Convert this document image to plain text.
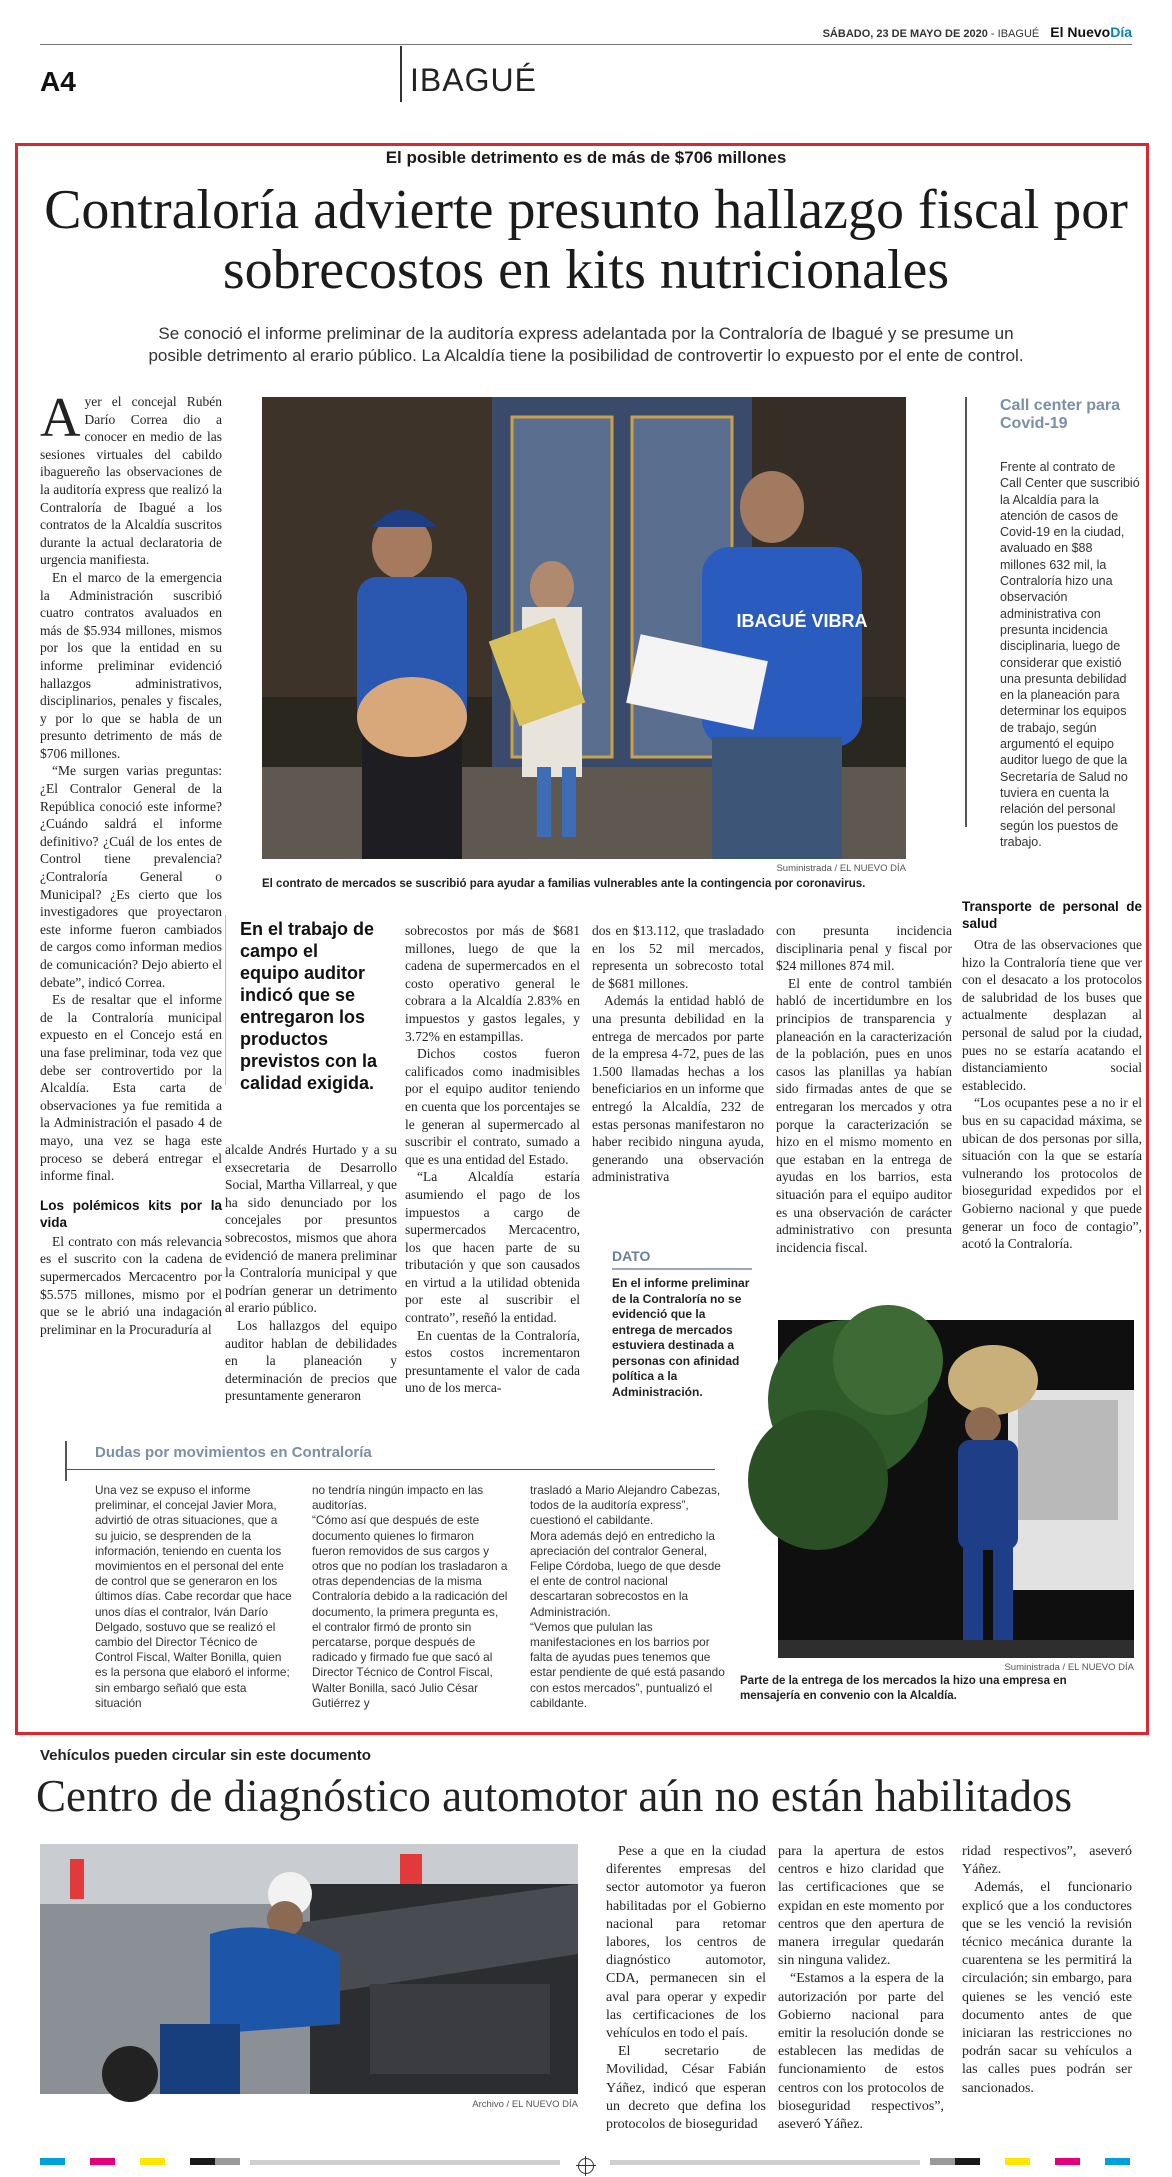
SÁBADO, 23 DE MAYO DE 2020 - IBAGUÉ El NuevoDía
A4	IBAGUÉ
El posible detrimento es de más de $706 millones
Contraloría advierte presunto hallazgo fiscal por sobrecostos en kits nutricionales
Se conoció el informe preliminar de la auditoría express adelantada por la Contraloría de Ibagué y se presume un posible detrimento al erario público. La Alcaldía tiene la posibilidad de controvertir lo expuesto por el ente de control.
A yer el concejal Rubén Darío Correa dio a conocer en medio de las sesiones virtuales del cabildo ibaguereño las observaciones de la auditoría express que realizó la Contraloría de Ibagué a los contratos de la Alcaldía suscritos durante la actual declaratoria de urgencia manifiesta.

En el marco de la emergencia la Administración suscribió cuatro contratos avaluados en más de $5.934 millones, mismos por los que la entidad en su informe preliminar evidenció hallazgos administrativos, disciplinarios, penales y fiscales, y por lo que se habla de un presunto detrimento de más de $706 millones.

“Me surgen varias preguntas: ¿El Contralor General de la República conoció este informe? ¿Cuándo saldrá el informe definitivo? ¿Cuál de los entes de Control tiene prevalencia? ¿Contraloría General o Municipal? ¿Es cierto que los investigadores que proyectaron este informe fueron cambiados de cargos como informan medios de comunicación? Dejo abierto el debate”, indicó Correa.

Es de resaltar que el informe de la Contraloría municipal expuesto en el Concejo está en una fase preliminar, toda vez que debe ser controvertido por la Alcaldía. Esta carta de observaciones ya fue remitida a la Administración el pasado 4 de mayo, una vez se haga este proceso se deberá entregar el informe final.

Los polémicos kits por la vida

El contrato con más relevancia es el suscrito con la cadena de supermercados Mercacentro por $5.575 millones, mismo por el que se le abrió una indagación preliminar en la Procuraduría al

IBAGUÉ VIBRA
Suministrada / EL NUEVO DÍA
El contrato de mercados se suscribió para ayudar a familias vulnerables ante la contingencia por coronavirus.
Call center para Covid-19
Frente al contrato de Call Center que suscribió la Alcaldía para la atención de casos de Covid-19 en la ciudad, avaluado en $88 millones 632 mil, la Contraloría hizo una observación administrativa con presunta incidencia disciplinaria, luego de considerar que existió una presunta debilidad en la planeación para determinar los equipos de trabajo, según argumentó el equipo auditor luego de que la Secretaría de Salud no tuviera en cuenta la relación del personal según los puestos de trabajo.
En el trabajo de campo el equipo auditor indicó que se entregaron los productos previstos con la calidad exigida.

alcalde Andrés Hurtado y a su exsecretaria de Desarrollo Social, Martha Villarreal, y que ha sido denunciado por los concejales por presuntos sobrecostos, mismos que ahora evidenció de manera preliminar la Contraloría municipal y que podrían generar un detrimento al erario público.

Los hallazgos del equipo auditor hablan de debilidades en la planeación y determinación de precios que presuntamente generaron

sobrecostos por más de $681 millones, luego de que la cadena de supermercados en el costo operativo general le cobrara a la Alcaldía 2.83% en impuestos y gastos legales, y 3.72% en estampillas.

Dichos costos fueron calificados como inadmisibles por el equipo auditor teniendo en cuenta que los porcentajes se le generan al supermercado al suscribir el contrato, sumado a que es una entidad del Estado.

“La Alcaldía estaría asumiendo el pago de los impuestos a cargo de supermercados Mercacentro, los que hacen parte de su tributación y que son causados en virtud a la utilidad obtenida por este al suscribir el contrato”, reseñó la entidad.

En cuentas de la Contraloría, estos costos incrementaron presuntamente el valor de cada uno de los merca-

dos en $13.112, que trasladado en los 52 mil mercados, representa un sobrecosto total de $681 millones.

Además la entidad habló de una presunta debilidad en la entrega de mercados por parte de la empresa 4-72, pues de las 1.500 llamadas hechas a los beneficiarios en un informe que entregó la Alcaldía, 232 de estas personas manifestaron no haber recibido ninguna ayuda, generando una observación administrativa

DATO
En el informe preliminar de la Contraloría no se evidenció que la entrega de mercados estuviera destinada a personas con afinidad política a la Administración.

con presunta incidencia disciplinaria penal y fiscal por $24 millones 874 mil.

El ente de control también habló de incertidumbre en los principios de transparencia y planeación en la caracterización de la población, pues en unos casos las planillas ya habían sido firmadas antes de que se entregaran los mercados y otra porque la caracterización se hizo en el mismo momento en que estaban en la entrega de ayudas en los barrios, esta situación para el equipo auditor es una observación de carácter administrativo con presunta incidencia fiscal.

Transporte de personal de salud

Otra de las observaciones que hizo la Contraloría tiene que ver con el desacato a los protocolos de salubridad de los buses que actualmente desplazan al personal de salud por la ciudad, pues no se estaría acatando el distanciamiento social establecido.

“Los ocupantes pese a no ir el bus en su capacidad máxima, se ubican de dos personas por silla, situación con la que se estaría vulnerando los protocolos de bioseguridad expedidos por el Gobierno nacional y que puede generar un foco de contagio”, acotó la Contraloría.

Suministrada / EL NUEVO DÍA
Parte de la entrega de los mercados la hizo una empresa en mensajería en convenio con la Alcaldía.
Dudas por movimientos en Contraloría

Una vez se expuso el informe preliminar, el concejal Javier Mora, advirtió de otras situaciones, que a su juicio, se desprenden de la información, teniendo en cuenta los movimientos en el personal del ente de control que se generaron en los últimos días. Cabe recordar que hace unos días el contralor, Iván Darío Delgado, sostuvo que se realizó el cambio del Director Técnico de Control Fiscal, Walter Bonilla, quien es la persona que elaboró el informe; sin embargo señaló que esta situación

no tendría ningún impacto en las auditorías.
“Cómo así que después de este documento quienes lo firmaron fueron removidos de sus cargos y otros que no podían los trasladaron a otras dependencias de la misma Contraloría debido a la radicación del documento, la primera pregunta es, el contralor firmó de pronto sin percatarse, porque después de radicado y firmado fue que sacó al Director Técnico de Control Fiscal, Walter Bonilla, sacó Julio César Gutiérrez y

trasladó a Mario Alejandro Cabezas, todos de la auditoría express”, cuestionó el cabildante.
Mora además dejó en entredicho la apreciación del contralor General, Felipe Córdoba, luego de que desde el ente de control nacional descartaran sobrecostos en la Administración.
“Vemos que pululan las manifestaciones en los barrios por falta de ayudas pues tenemos que estar pendiente de qué está pasando con estos mercados”, puntualizó el cabildante.

Vehículos pueden circular sin este documento
Centro de diagnóstico automotor aún no están habilitados
Archivo / EL NUEVO DÍA

Pese a que en la ciudad diferentes empresas del sector automotor ya fueron habilitadas por el Gobierno nacional para retomar labores, los centros de diagnóstico automotor, CDA, permanecen sin el aval para operar y expedir las certificaciones de los vehículos en todo el país.

El secretario de Movilidad, César Fabián Yáñez, indicó que esperan un decreto que defina los protocolos de bioseguridad

para la apertura de estos centros e hizo claridad que las certificaciones que se expidan en este momento por centros que den apertura de manera irregular quedarán sin ninguna validez.

“Estamos a la espera de la autorización por parte del Gobierno nacional para emitir la resolución donde se establecen las medidas de funcionamiento de estos centros con los protocolos de bioseguridad respectivos”, aseveró Yáñez.

ridad respectivos”, aseveró Yáñez.

Además, el funcionario explicó que a los conductores que se les venció la revisión técnico mecánica durante la cuarentena se les permitirá la circulación; sin embargo, para quienes se les venció este documento antes de que iniciaran las restricciones no podrán sacar su vehículos a las calles pues podrán ser sancionados.
